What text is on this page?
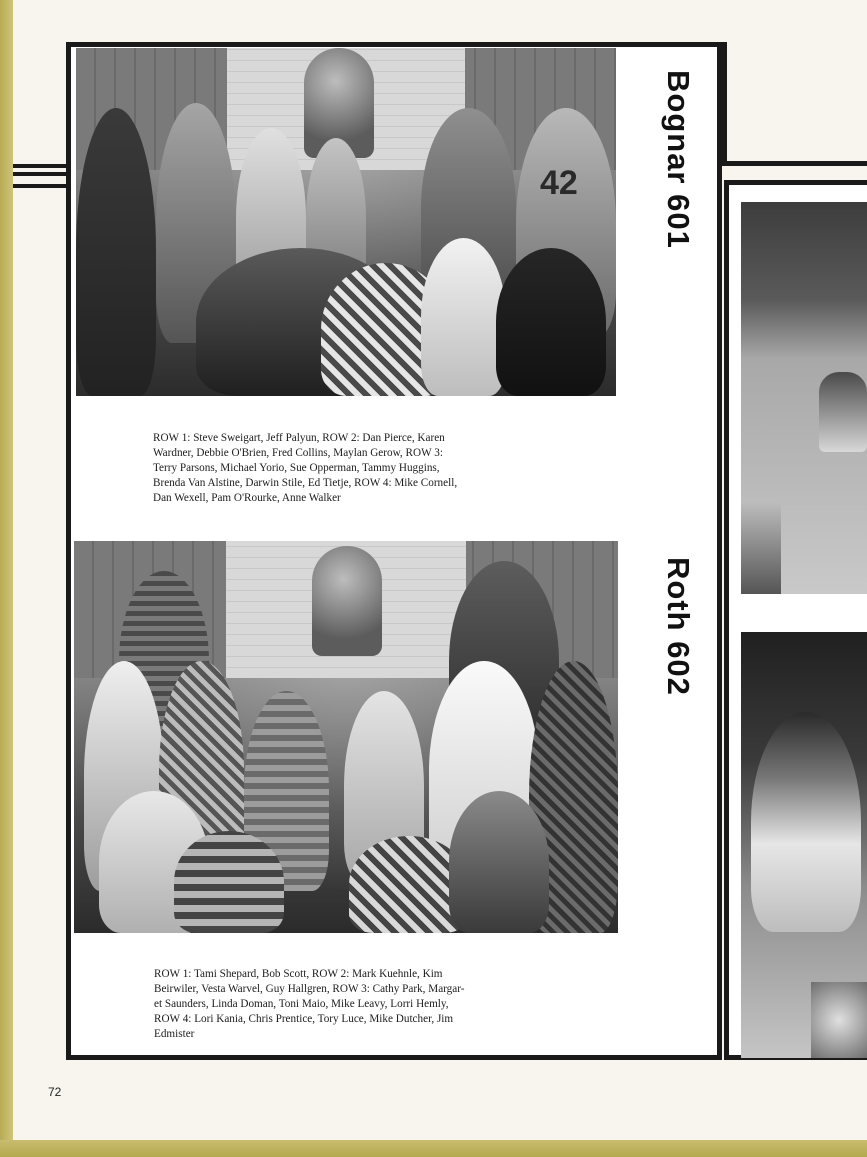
42
ROW 1: Steve Sweigart, Jeff Palyun, ROW 2: Dan Pierce, Karen
Wardner, Debbie O'Brien, Fred Collins, Maylan Gerow, ROW 3:
Terry Parsons, Michael Yorio, Sue Opperman, Tammy Huggins,
Brenda Van Alstine, Darwin Stile, Ed Tietje, ROW 4: Mike Cornell,
Dan Wexell, Pam O'Rourke, Anne Walker
Bognar 601
ROW 1: Tami Shepard, Bob Scott, ROW 2: Mark Kuehnle, Kim
Beirwiler, Vesta Warvel, Guy Hallgren, ROW 3: Cathy Park, Margar-
et Saunders, Linda Doman, Toni Maio, Mike Leavy, Lorri Hemly,
ROW 4: Lori Kania, Chris Prentice, Tory Luce, Mike Dutcher, Jim
Edmister
Roth 602
72
